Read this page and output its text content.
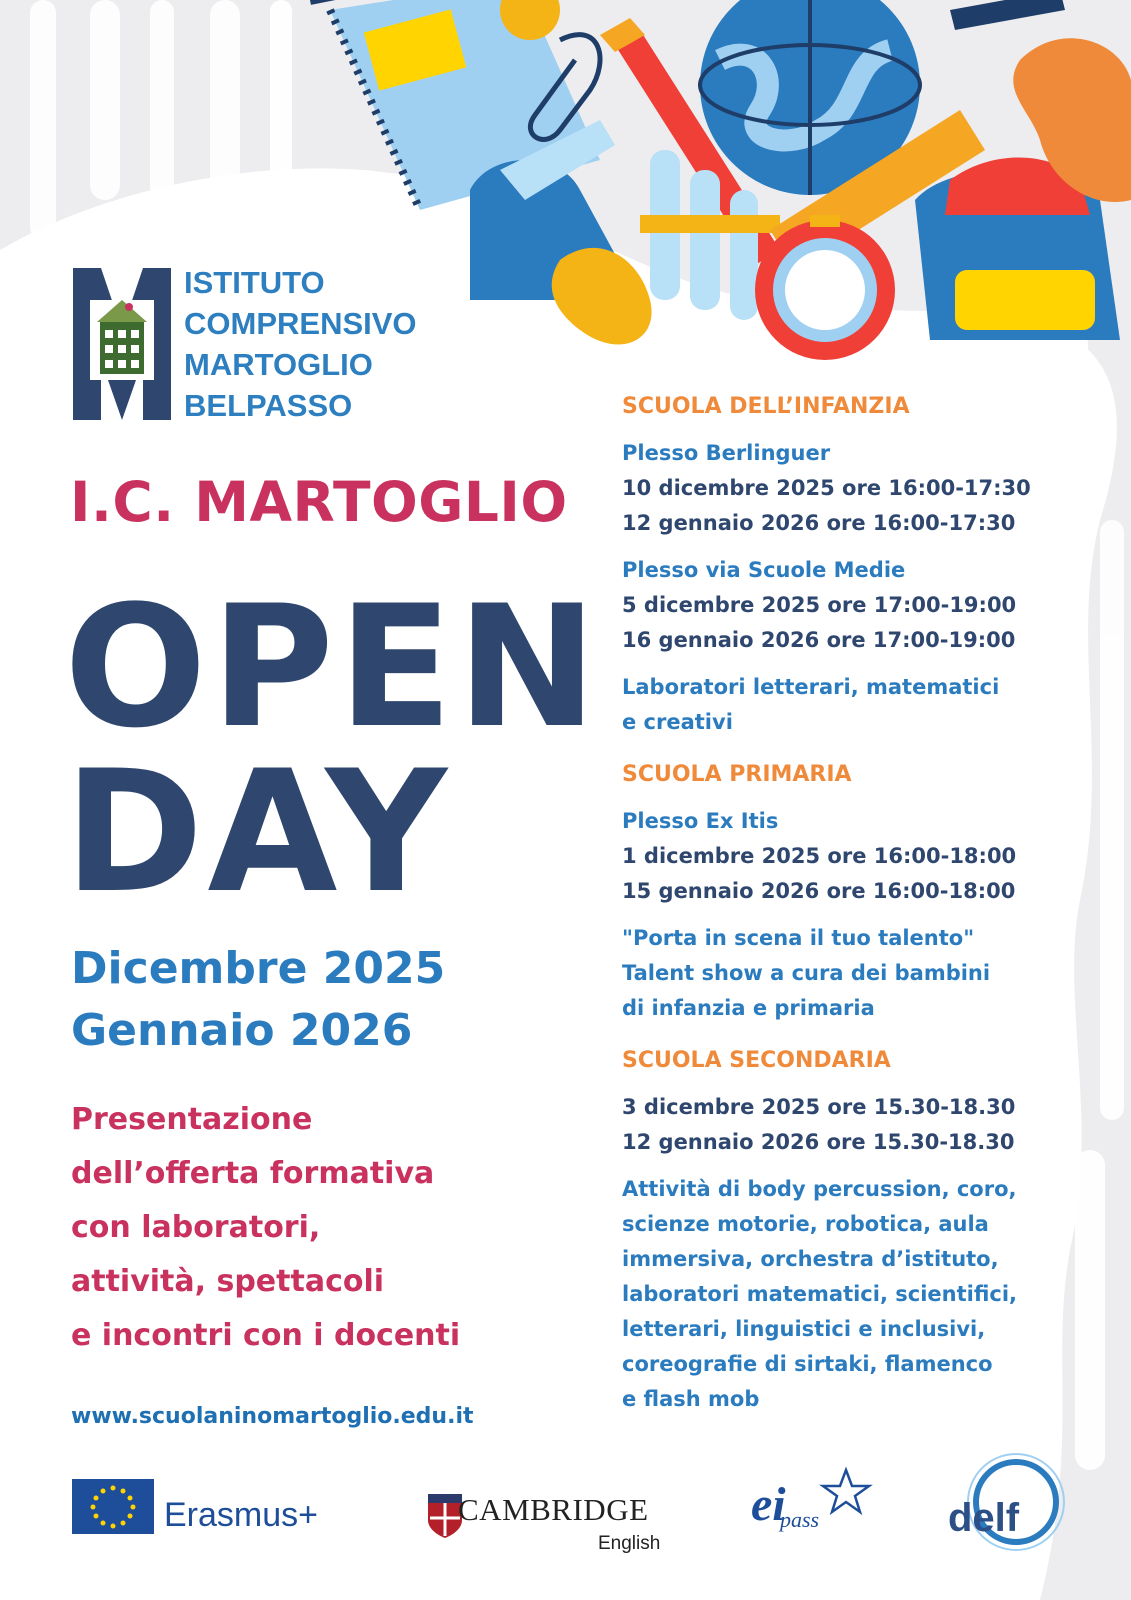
ISTITUTO
COMPRENSIVO
MARTOGLIO
BELPASSO
I.C. MARTOGLIO
OPEN
DAY
Dicembre 2025
Gennaio 2026
Presentazione
dell’offerta formativa
con laboratori,
attività, spettacoli
e incontri con i docenti
www.scuolaninomartoglio.edu.it
SCUOLA DELL’INFANZIA
Plesso Berlinguer
10 dicembre 2025 ore 16:00-17:30
12 gennaio 2026 ore 16:00-17:30
Plesso via Scuole Medie
5 dicembre 2025 ore 17:00-19:00
16 gennaio 2026 ore 17:00-19:00
Laboratori letterari, matematici
e creativi
SCUOLA PRIMARIA
Plesso Ex Itis
1 dicembre 2025 ore 16:00-18:00
15 gennaio 2026 ore 16:00-18:00
"Porta in scena il tuo talento"
Talent show a cura dei bambini
di infanzia e primaria
SCUOLA SECONDARIA
3 dicembre 2025 ore 15.30-18.30
12 gennaio 2026 ore 15.30-18.30
Attività di body percussion, coro,
scienze motorie, robotica, aula
immersiva, orchestra d’istituto,
laboratori matematici, scientifici,
letterari, linguistici e inclusivi,
coreografie di sirtaki, flamenco
e flash mob
Erasmus+	CAMBRIDGE
English
ei
pass	delf
